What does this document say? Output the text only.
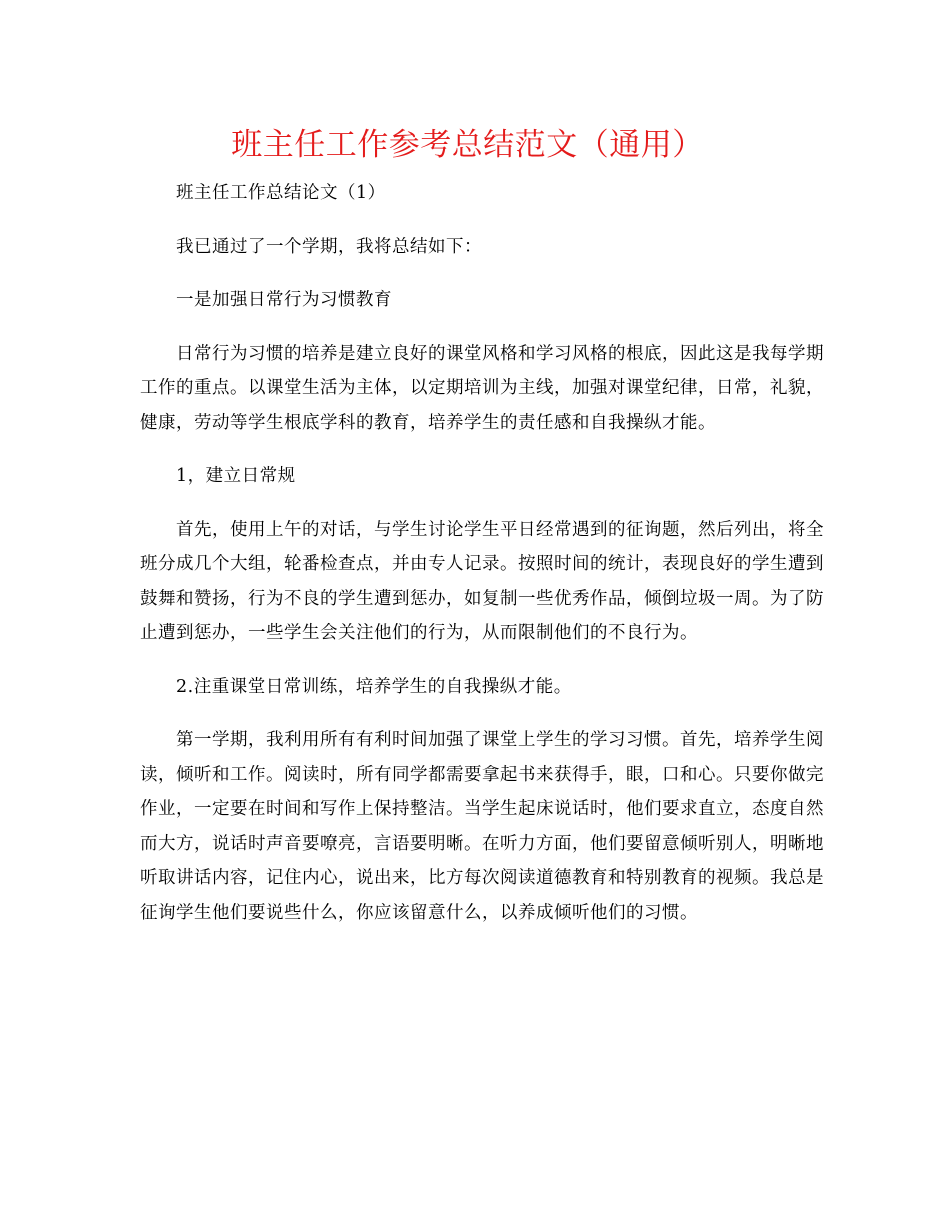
班主任工作参考总结范文（通用）

班主任工作总结论文（1）

我已通过了一个学期，我将总结如下：

一是加强日常行为习惯教育

日常行为习惯的培养是建立良好的课堂风格和学习风格的根底，因此这是我每学期工作的重点。以课堂生活为主体，以定期培训为主线，加强对课堂纪律，日常，礼貌，健康，劳动等学生根底学科的教育，培养学生的责任感和自我操纵才能。

1，建立日常规

首先，使用上午的对话，与学生讨论学生平日经常遇到的征询题，然后列出，将全班分成几个大组，轮番检查点，并由专人记录。按照时间的统计，表现良好的学生遭到鼓舞和赞扬，行为不良的学生遭到惩办，如复制一些优秀作品，倾倒垃圾一周。为了防止遭到惩办，一些学生会关注他们的行为，从而限制他们的不良行为。

2.注重课堂日常训练，培养学生的自我操纵才能。

第一学期，我利用所有有利时间加强了课堂上学生的学习习惯。首先，培养学生阅读，倾听和工作。阅读时，所有同学都需要拿起书来获得手，眼，口和心。只要你做完作业，一定要在时间和写作上保持整洁。当学生起床说话时，他们要求直立，态度自然而大方，说话时声音要嘹亮，言语要明晰。在听力方面，他们要留意倾听别人，明晰地听取讲话内容，记住内心，说出来，比方每次阅读道德教育和特别教育的视频。我总是征询学生他们要说些什么，你应该留意什么，以养成倾听他们的习惯。
